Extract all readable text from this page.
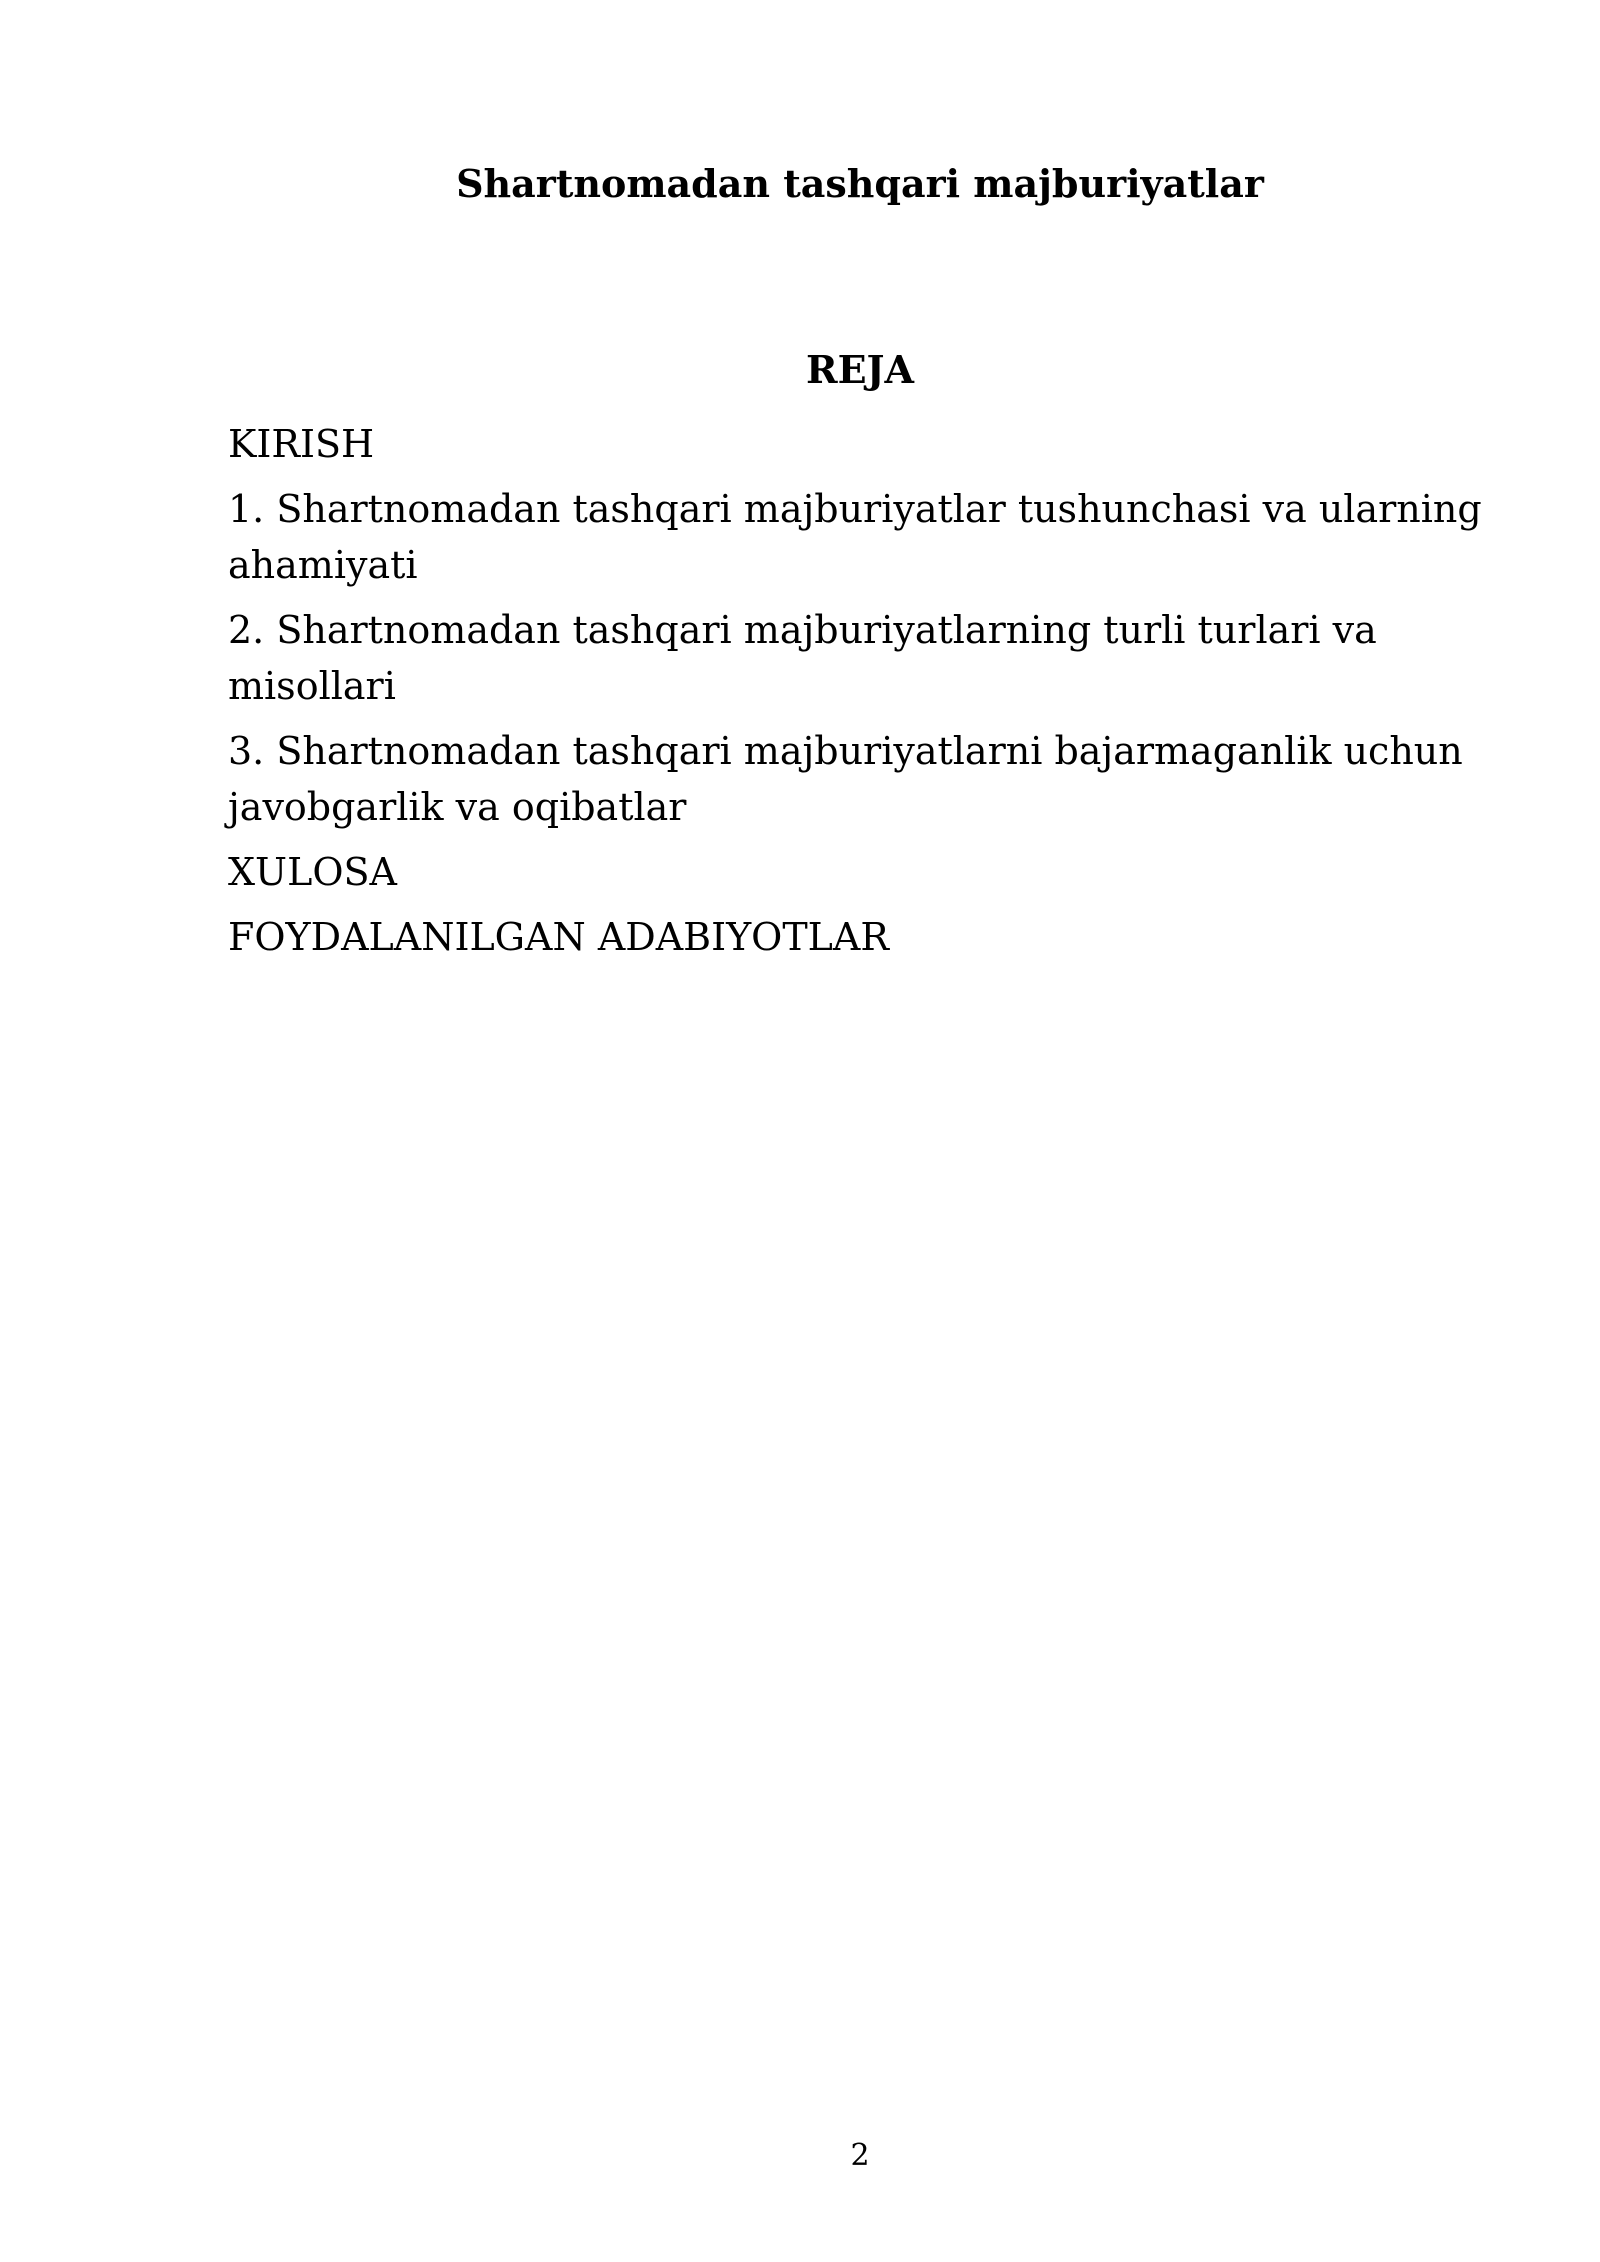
Shartnomadan tashqari majburiyatlar
REJA
KIRISH
1. Shartnomadan tashqari majburiyatlar tushunchasi va ularning ahamiyati
2. Shartnomadan tashqari majburiyatlarning turli turlari va misollari
3. Shartnomadan tashqari majburiyatlarni bajarmaganlik uchun javobgarlik va oqibatlar
XULOSA
FOYDALANILGAN ADABIYOTLAR
2
